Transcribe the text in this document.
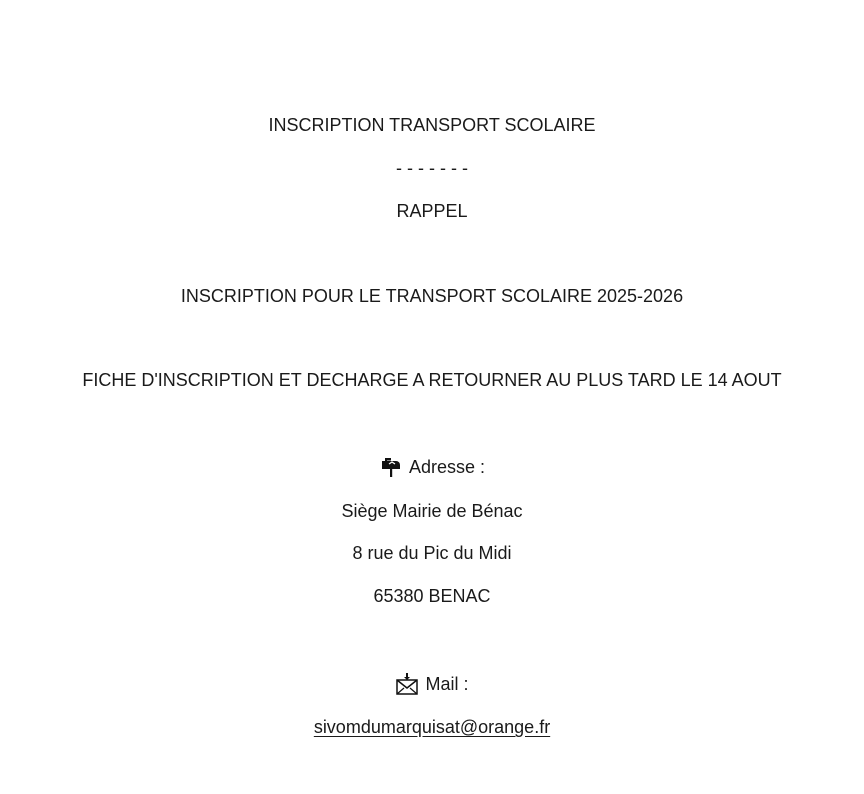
INSCRIPTION TRANSPORT SCOLAIRE
- - - - - - -
RAPPEL
INSCRIPTION POUR LE TRANSPORT SCOLAIRE 2025-2026
FICHE D'INSCRIPTION ET DECHARGE A RETOURNER AU PLUS TARD LE 14 AOUT
Adresse :
Siège Mairie de Bénac
8 rue du Pic du Midi
65380 BENAC
Mail :
sivomdumarquisat@orange.fr
